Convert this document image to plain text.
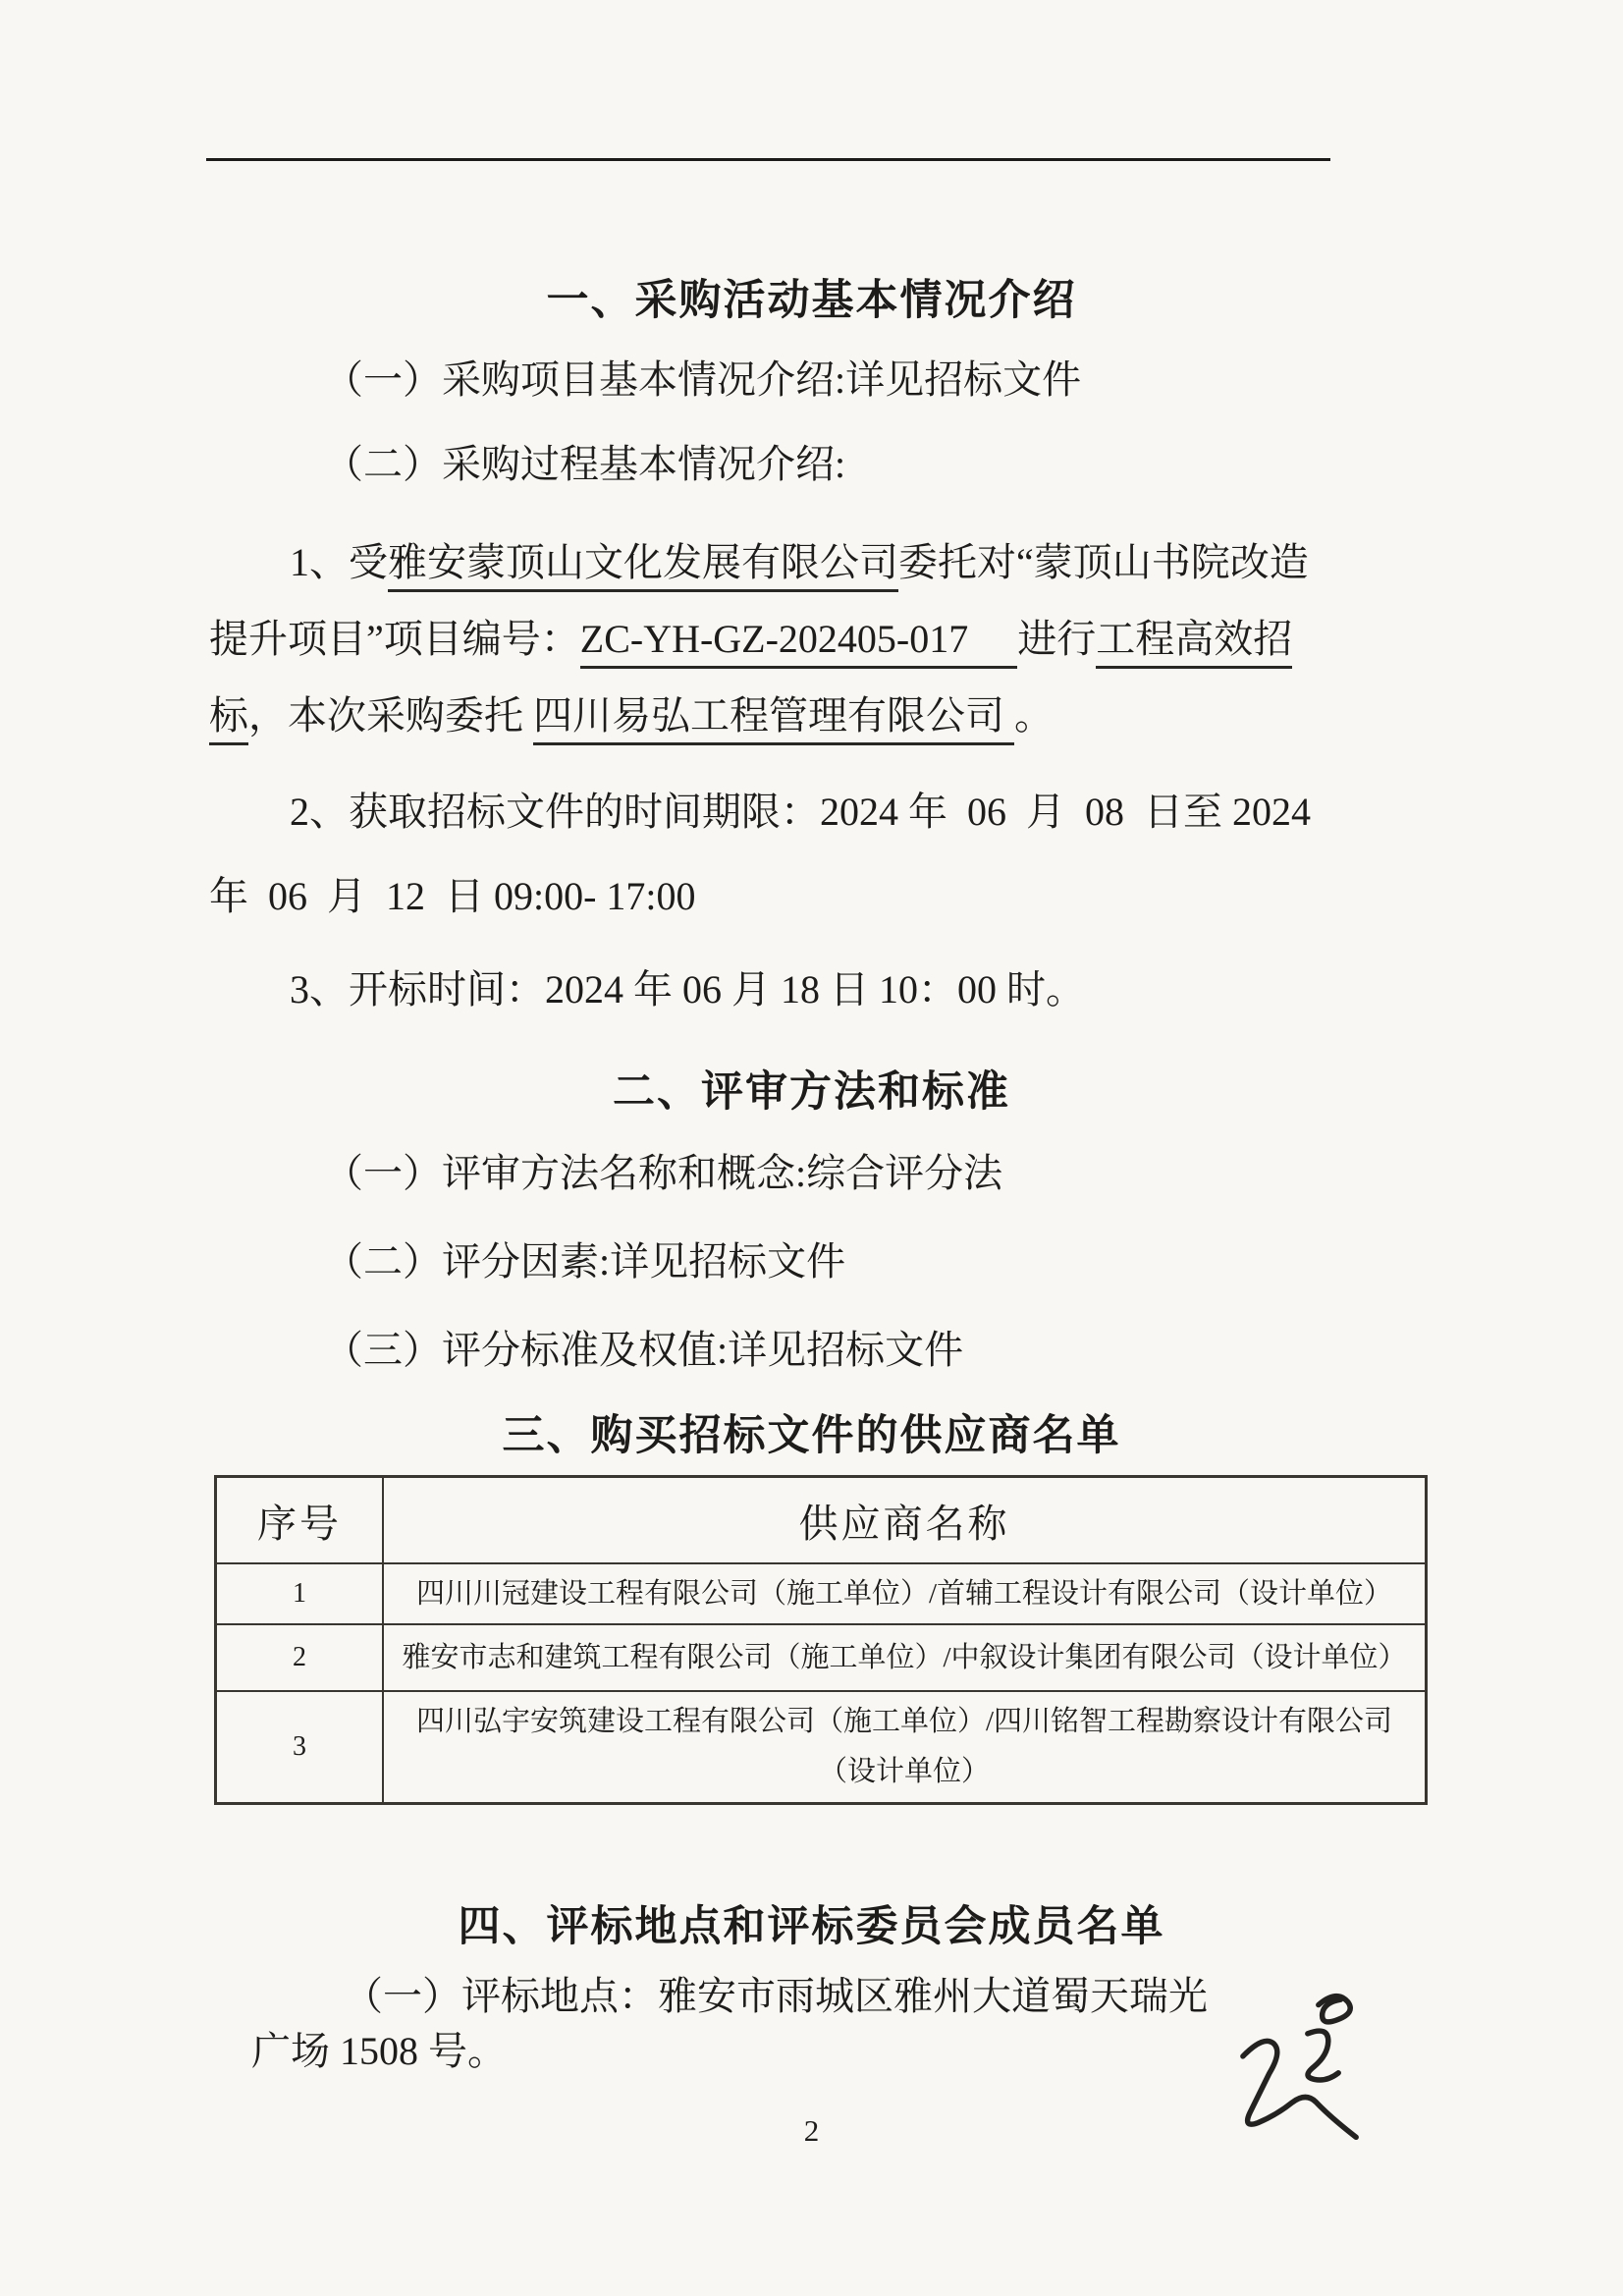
一、采购活动基本情况介绍
（一）采购项目基本情况介绍:详见招标文件
（二）采购过程基本情况介绍:
1、受雅安蒙顶山文化发展有限公司委托对“蒙顶山书院改造
提升项目”项目编号：ZC-YH-GZ-202405-017　 进行工程高效招
标，本次采购委托 四川易弘工程管理有限公司 。
2、获取招标文件的时间期限：2024 年  06  月  08  日至 2024
年  06  月  12  日 09:00- 17:00
3、开标时间：2024 年 06 月 18 日 10：00 时。
二、评审方法和标准
（一）评审方法名称和概念:综合评分法
（二）评分因素:详见招标文件
（三）评分标准及权值:详见招标文件
三、购买招标文件的供应商名单
序号	供应商名称
1	四川川冠建设工程有限公司（施工单位）/首辅工程设计有限公司（设计单位）
2	雅安市志和建筑工程有限公司（施工单位）/中叙设计集团有限公司（设计单位）
3	四川弘宇安筑建设工程有限公司（施工单位）/四川铭智工程勘察设计有限公司（设计单位）
四、评标地点和评标委员会成员名单
（一）评标地点：雅安市雨城区雅州大道蜀天瑞光
广场 1508 号。
2
